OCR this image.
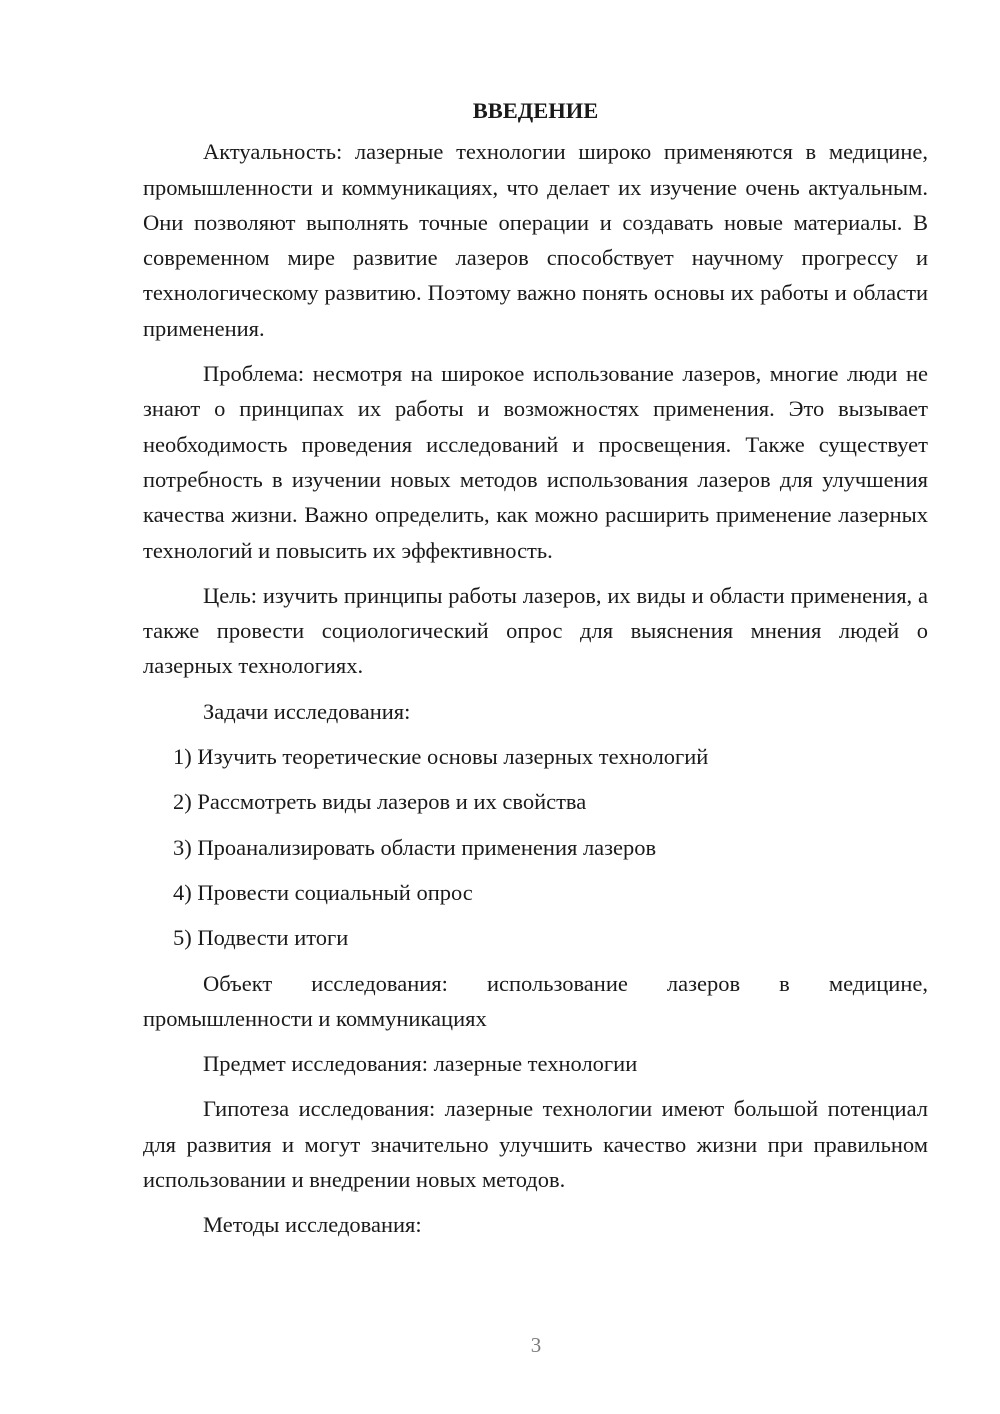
ВВЕДЕНИЕ

Актуальность: лазерные технологии широко применяются в медицине, промышленности и коммуникациях, что делает их изучение очень актуальным. Они позволяют выполнять точные операции и создавать новые материалы. В современном мире развитие лазеров способствует научному прогрессу и технологическому развитию. Поэтому важно понять основы их работы и области применения.

Проблема: несмотря на широкое использование лазеров, многие люди не знают о принципах их работы и возможностях применения. Это вызывает необходимость проведения исследований и просвещения. Также существует потребность в изучении новых методов использования лазеров для улучшения качества жизни. Важно определить, как можно расширить применение лазерных технологий и повысить их эффективность.

Цель: изучить принципы работы лазеров, их виды и области применения, а также провести социологический опрос для выяснения мнения людей о лазерных технологиях.

Задачи исследования:

1) Изучить теоретические основы лазерных технологий

2) Рассмотреть виды лазеров и их свойства

3) Проанализировать области применения лазеров

4) Провести социальный опрос

5) Подвести итоги

Объект исследования: использование лазеров в медицине, промышленности и коммуникациях

Предмет исследования: лазерные технологии

Гипотеза исследования: лазерные технологии имеют большой потенциал для развития и могут значительно улучшить качество жизни при правильном использовании и внедрении новых методов.

Методы исследования:

3
